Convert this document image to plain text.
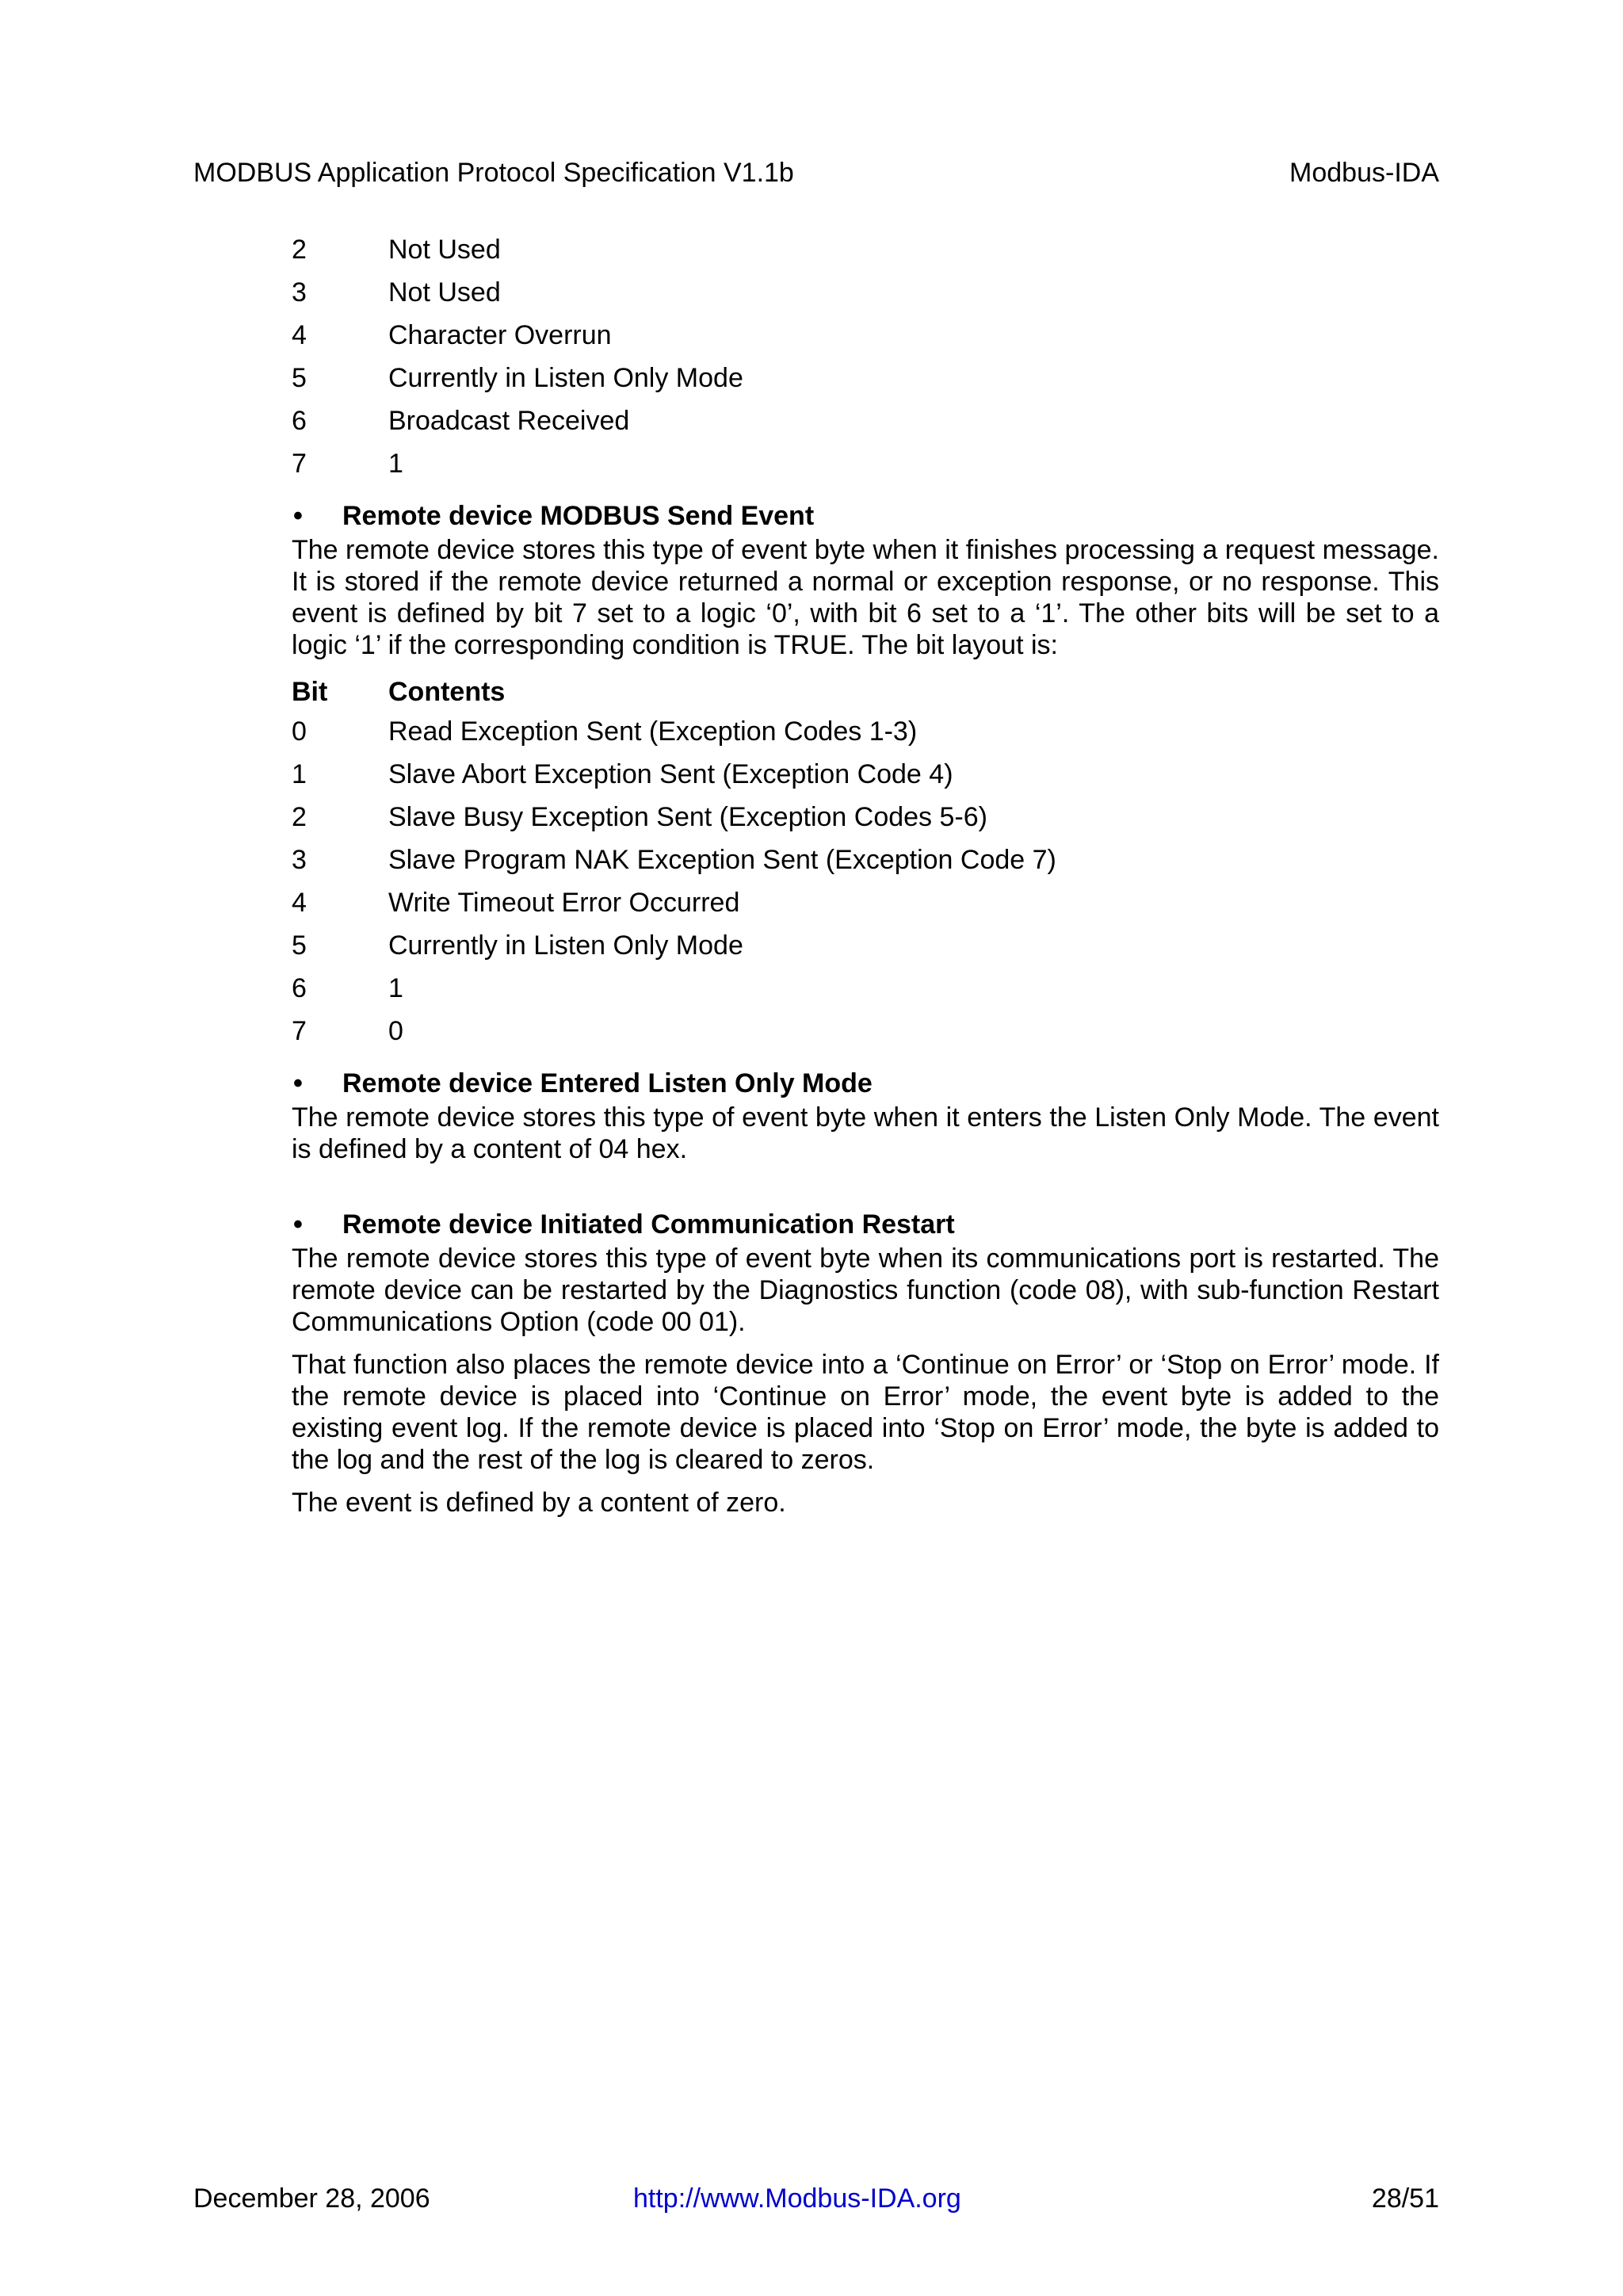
MODBUS Application Protocol Specification V1.1b	Modbus-IDA
2	Not Used
3	Not Used
4	Character Overrun
5	Currently in Listen Only Mode
6	Broadcast Received
7	1
•	Remote device MODBUS Send Event

The remote device stores this type of event byte when it finishes processing a request message. It is stored if the remote device returned a normal or exception response, or no response. This event is defined by bit 7 set to a logic ‘0’, with bit 6 set to a ‘1’. The other bits will be set to a logic ‘1’ if the corresponding condition is TRUE. The bit layout is:

Bit	Contents
0	Read Exception Sent (Exception Codes 1-3)
1	Slave Abort Exception Sent (Exception Code 4)
2	Slave Busy Exception Sent (Exception Codes 5-6)
3	Slave Program NAK Exception Sent (Exception Code 7)
4	Write Timeout Error Occurred
5	Currently in Listen Only Mode
6	1
7	0
•	Remote device Entered Listen Only Mode

The remote device stores this type of event byte when it enters the Listen Only Mode. The event is defined by a content of 04 hex.

•	Remote device Initiated Communication Restart

The remote device stores this type of event byte when its communications port is restarted. The remote device can be restarted by the Diagnostics function (code 08), with sub-function Restart Communications Option (code 00 01).

That function also places the remote device into a ‘Continue on Error’ or ‘Stop on Error’ mode. If the remote device is placed into ‘Continue on Error’ mode, the event byte is added to the existing event log. If the remote device is placed into ‘Stop on Error’ mode, the byte is added to the log and the rest of the log is cleared to zeros.

The event is defined by a content of zero.

December 28, 2006	http://www.Modbus-IDA.org	28/51
